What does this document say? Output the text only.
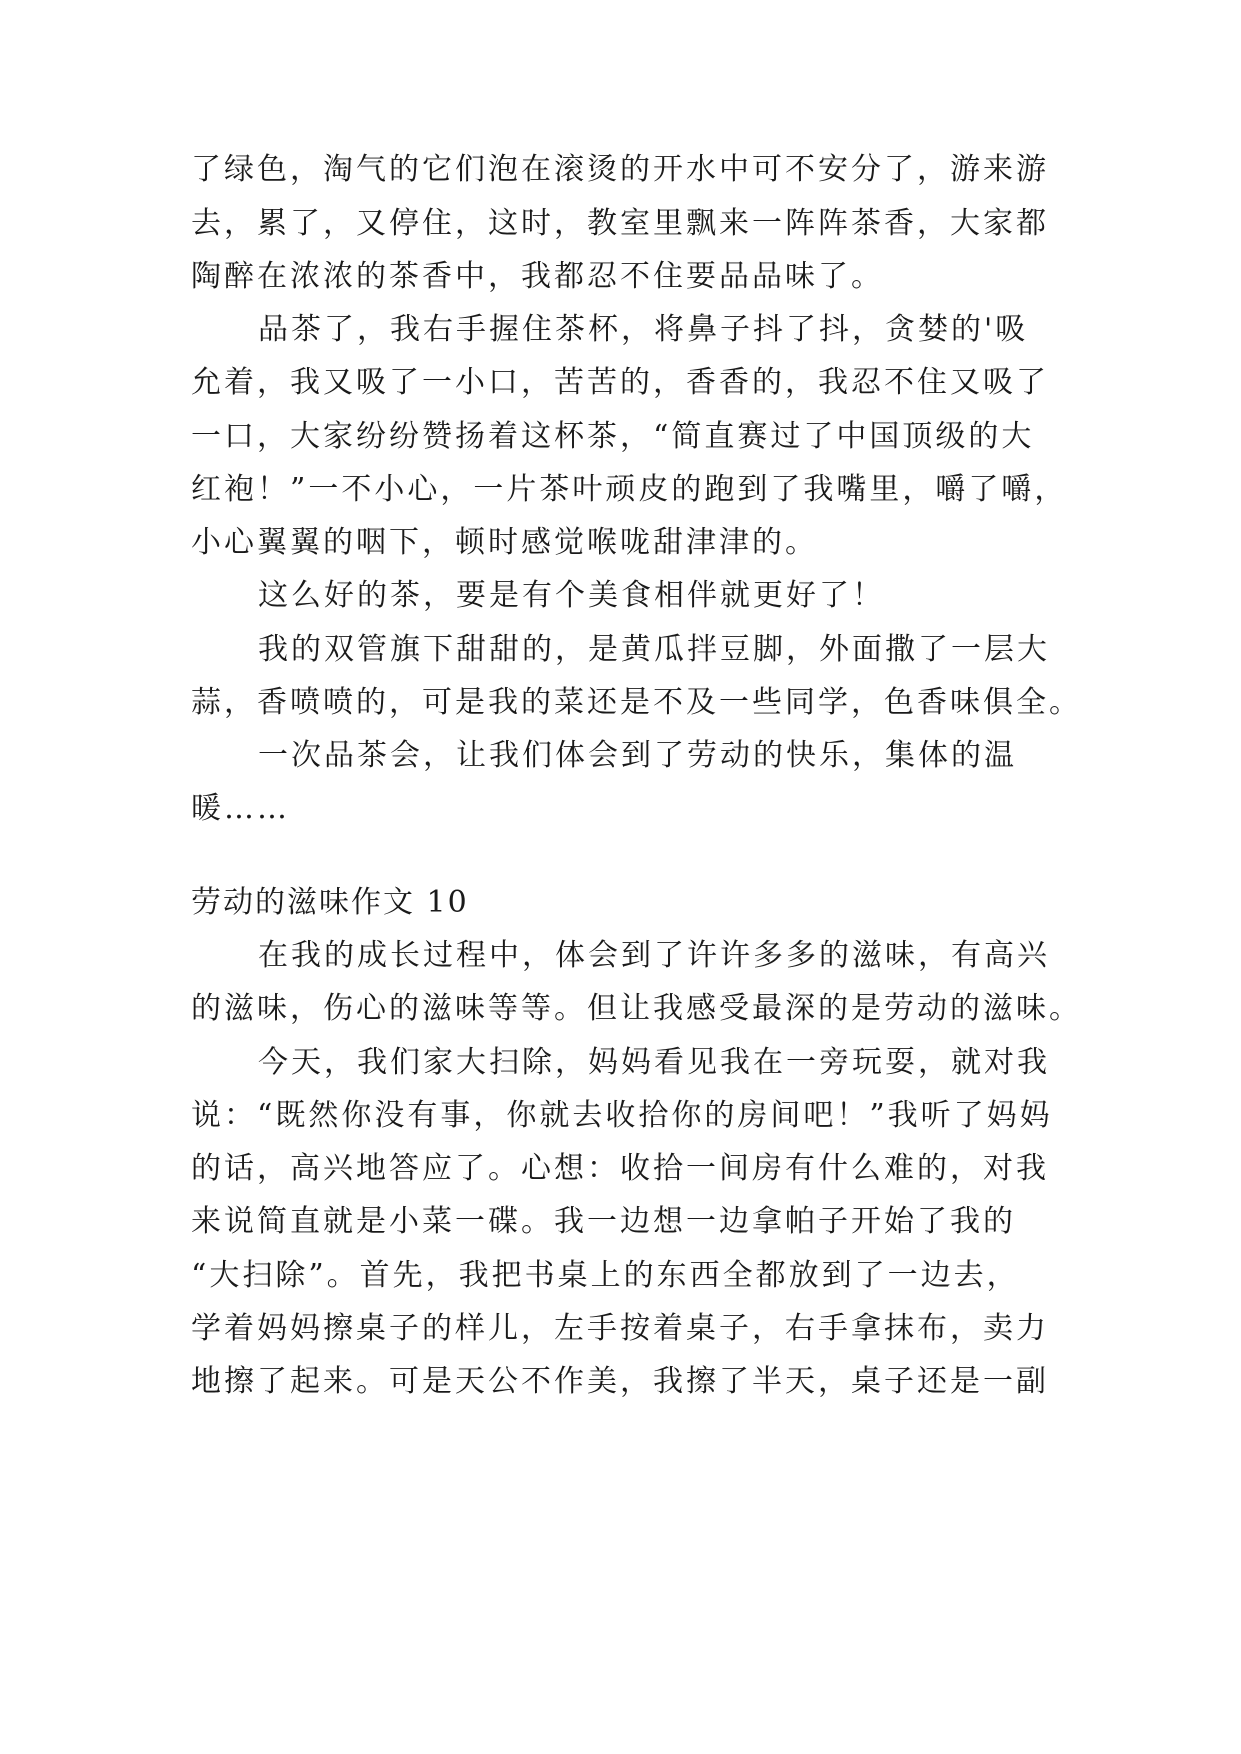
了绿色，淘气的它们泡在滚烫的开水中可不安分了，游来游
去，累了，又停住，这时，教室里飘来一阵阵茶香，大家都
陶醉在浓浓的茶香中，我都忍不住要品品味了。
品茶了，我右手握住茶杯，将鼻子抖了抖，贪婪的'吸
允着，我又吸了一小口，苦苦的，香香的，我忍不住又吸了
一口，大家纷纷赞扬着这杯茶，“简直赛过了中国顶级的大
红袍！”一不小心，一片茶叶顽皮的跑到了我嘴里，嚼了嚼，
小心翼翼的咽下，顿时感觉喉咙甜津津的。
这么好的茶，要是有个美食相伴就更好了！
我的双管旗下甜甜的，是黄瓜拌豆脚，外面撒了一层大
蒜，香喷喷的，可是我的菜还是不及一些同学，色香味俱全。
一次品茶会，让我们体会到了劳动的快乐，集体的温
暖……
劳动的滋味作文 10
在我的成长过程中，体会到了许许多多的滋味，有高兴
的滋味，伤心的滋味等等。但让我感受最深的是劳动的滋味。
今天，我们家大扫除，妈妈看见我在一旁玩耍，就对我
说：“既然你没有事，你就去收拾你的房间吧！”我听了妈妈
的话，高兴地答应了。心想：收拾一间房有什么难的，对我
来说简直就是小菜一碟。我一边想一边拿帕子开始了我的
“大扫除”。首先，我把书桌上的东西全都放到了一边去，
学着妈妈擦桌子的样儿，左手按着桌子，右手拿抹布，卖力
地擦了起来。可是天公不作美，我擦了半天，桌子还是一副
